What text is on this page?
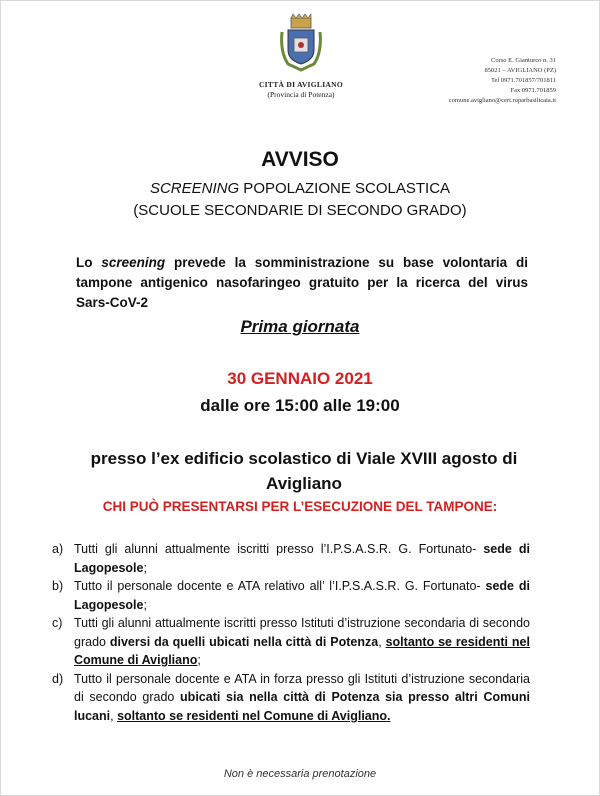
CITTÀ DI AVIGLIANO
(Provincia di Potenza)
Corso E. Gianturco n. 31
85021 – AVIGLIANO (PZ)
Tel 0971.701857/701811
Fax 0971.701859
comune.avigliano@cert.ruparbasilicata.it
AVVISO
SCREENING POPOLAZIONE SCOLASTICA
(SCUOLE SECONDARIE DI SECONDO GRADO)
Lo screening prevede la somministrazione su base volontaria di tampone antigenico nasofaringeo gratuito per la ricerca del virus Sars-CoV-2
Prima giornata
30 GENNAIO 2021
dalle ore 15:00 alle 19:00
presso l’ex edificio scolastico di Viale XVIII agosto di Avigliano
CHI PUÒ PRESENTARSI PER L’ESECUZIONE DEL TAMPONE:
a) Tutti gli alunni attualmente iscritti presso l’I.P.S.A.S.R. G. Fortunato- sede di Lagopesole;
b) Tutto il personale docente e ATA relativo all’ l’I.P.S.A.S.R. G. Fortunato- sede di Lagopesole;
c) Tutti gli alunni attualmente iscritti presso Istituti d’istruzione secondaria di secondo grado diversi da quelli ubicati nella città di Potenza, soltanto se residenti nel Comune di Avigliano;
d) Tutto il personale docente e ATA in forza presso gli Istituti d’istruzione secondaria di secondo grado ubicati sia nella città di Potenza sia presso altri Comuni lucani, soltanto se residenti nel Comune di Avigliano.
Non è necessaria prenotazione
